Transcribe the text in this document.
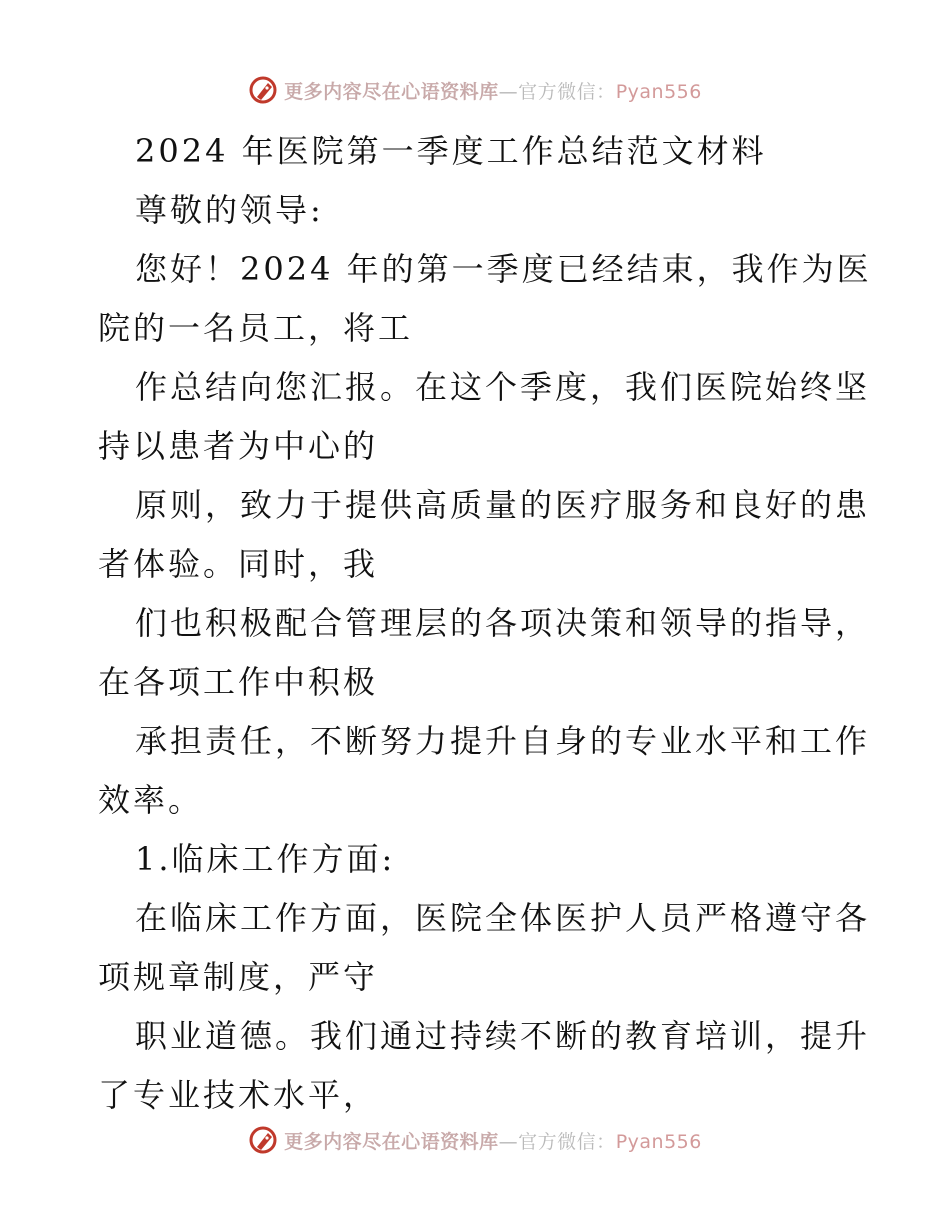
更多内容尽在心语资料库—官方微信：Pyan556
2024 年医院第一季度工作总结范文材料
尊敬的领导:
您好！2024 年的第一季度已经结束，我作为医
院的一名员工，将工
作总结向您汇报。在这个季度，我们医院始终坚
持以患者为中心的
原则，致力于提供高质量的医疗服务和良好的患
者体验。同时，我
们也积极配合管理层的各项决策和领导的指导，
在各项工作中积极
承担责任，不断努力提升自身的专业水平和工作
效率。
1.临床工作方面:
在临床工作方面，医院全体医护人员严格遵守各
项规章制度，严守
职业道德。我们通过持续不断的教育培训，提升
了专业技术水平，
更多内容尽在心语资料库—官方微信：Pyan556
